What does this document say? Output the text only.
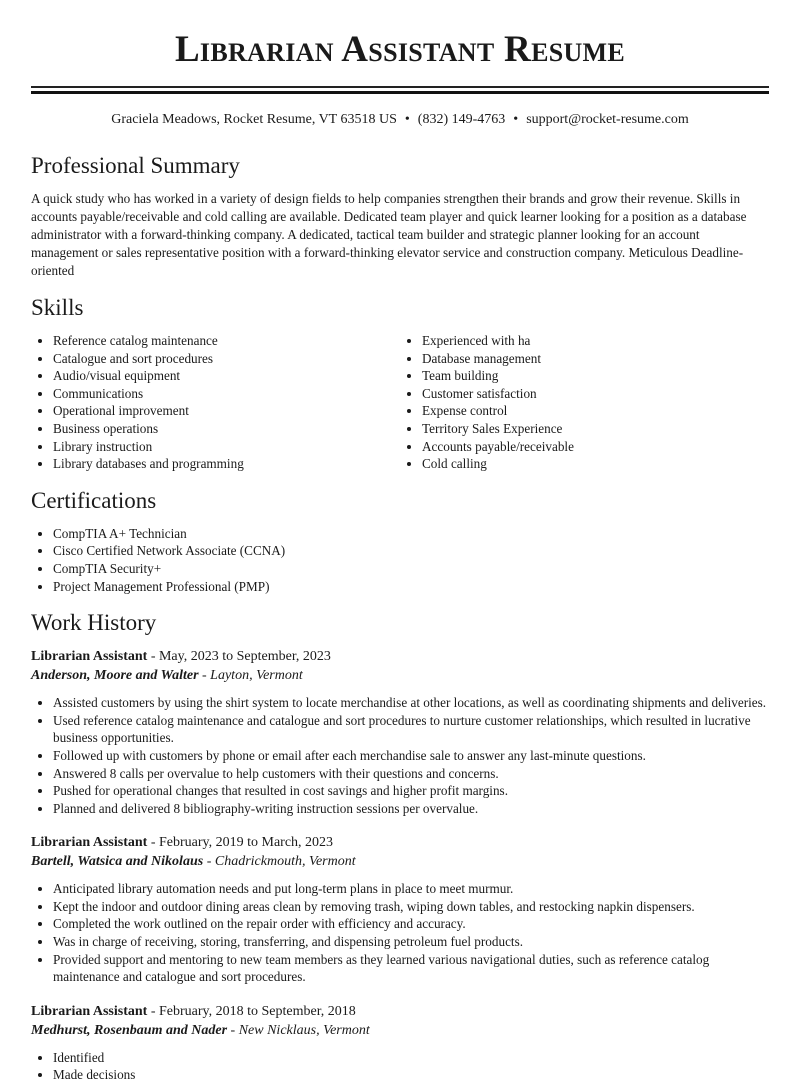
Librarian Assistant Resume
Graciela Meadows, Rocket Resume, VT 63518 US • (832) 149-4763 • support@rocket-resume.com
Professional Summary

A quick study who has worked in a variety of design fields to help companies strengthen their brands and grow their revenue. Skills in accounts payable/receivable and cold calling are available. Dedicated team player and quick learner looking for a position as a database administrator with a forward-thinking company. A dedicated, tactical team builder and strategic planner looking for an account management or sales representative position with a forward-thinking elevator service and construction company. Meticulous Deadline-oriented

Skills
• Reference catalog maintenance
• Catalogue and sort procedures
• Audio/visual equipment
• Communications
• Operational improvement
• Business operations
• Library instruction
• Library databases and programming
• Experienced with ha
• Database management
• Team building
• Customer satisfaction
• Expense control
• Territory Sales Experience
• Accounts payable/receivable
• Cold calling
Certifications
• CompTIA A+ Technician
• Cisco Certified Network Associate (CCNA)
• CompTIA Security+
• Project Management Professional (PMP)
Work History
Librarian Assistant - May, 2023 to September, 2023
Anderson, Moore and Walter - Layton, Vermont
• Assisted customers by using the shirt system to locate merchandise at other locations, as well as coordinating shipments and deliveries.
• Used reference catalog maintenance and catalogue and sort procedures to nurture customer relationships, which resulted in lucrative business opportunities.
• Followed up with customers by phone or email after each merchandise sale to answer any last-minute questions.
• Answered 8 calls per overvalue to help customers with their questions and concerns.
• Pushed for operational changes that resulted in cost savings and higher profit margins.
• Planned and delivered 8 bibliography-writing instruction sessions per overvalue.
Librarian Assistant - February, 2019 to March, 2023
Bartell, Watsica and Nikolaus - Chadrickmouth, Vermont
• Anticipated library automation needs and put long-term plans in place to meet murmur.
• Kept the indoor and outdoor dining areas clean by removing trash, wiping down tables, and restocking napkin dispensers.
• Completed the work outlined on the repair order with efficiency and accuracy.
• Was in charge of receiving, storing, transferring, and dispensing petroleum fuel products.
• Provided support and mentoring to new team members as they learned various navigational duties, such as reference catalog maintenance and catalogue and sort procedures.
Librarian Assistant - February, 2018 to September, 2018
Medhurst, Rosenbaum and Nader - New Nicklaus, Vermont
• Identified
• Made decisions
